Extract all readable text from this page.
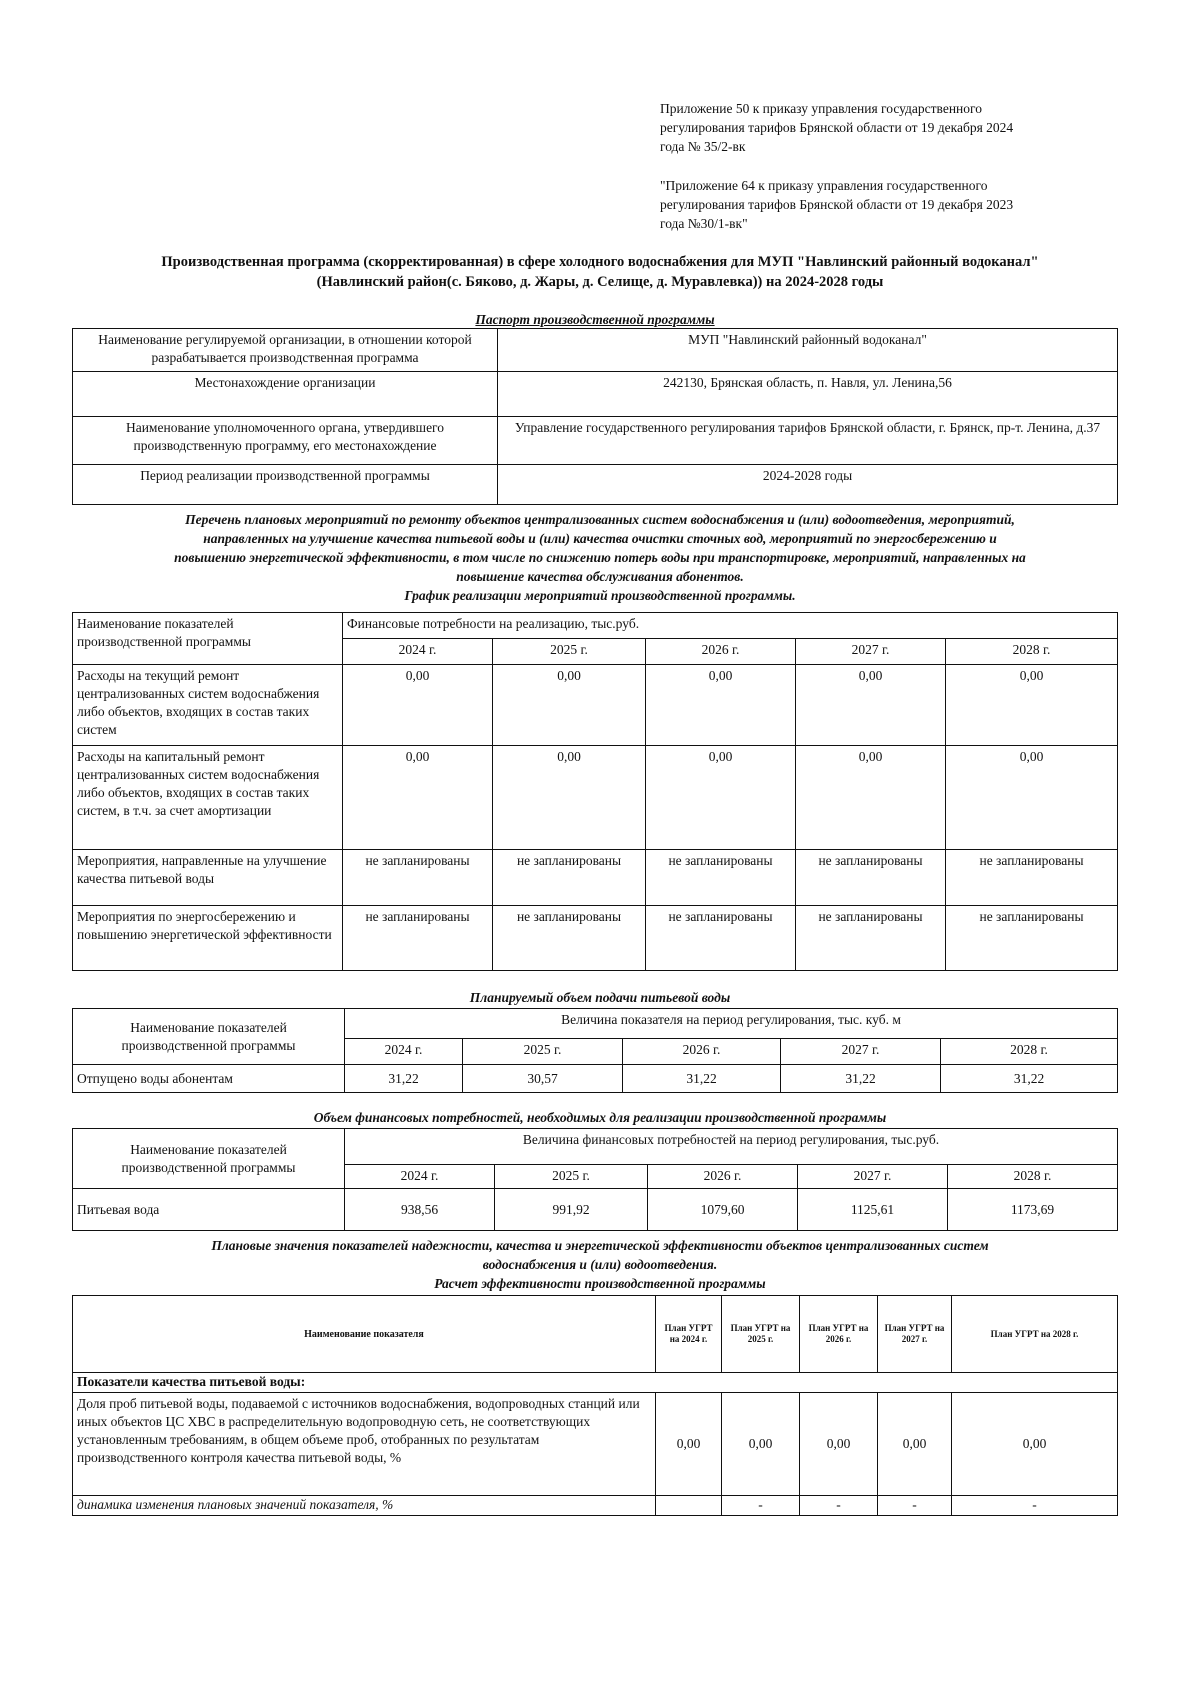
Приложение 50 к приказу управления государственного
регулирования тарифов Брянской области от 19 декабря 2024
года № 35/2-вк
"Приложение 64 к приказу управления государственного
регулирования тарифов Брянской области от 19 декабря 2023
года №30/1-вк"
Производственная программа (скорректированная) в сфере холодного водоснабжения для МУП "Навлинский районный водоканал"
(Навлинский район(с. Бяково, д. Жары, д. Селище, д. Муравлевка)) на 2024-2028 годы
Паспорт производственной программы
Наименование регулируемой организации, в отношении которой разрабатывается производственная программа	МУП "Навлинский районный водоканал"
Местонахождение организации	242130, Брянская область, п. Навля, ул. Ленина,56
Наименование уполномоченного органа, утвердившего производственную программу, его местонахождение	Управление государственного регулирования тарифов Брянской области, г. Брянск, пр-т. Ленина, д.37
Период реализации производственной программы	2024-2028 годы
Перечень плановых мероприятий по ремонту объектов централизованных систем водоснабжения и (или) водоотведения, мероприятий,
направленных на улучшение качества питьевой воды и (или) качества очистки сточных вод, мероприятий по энергосбережению и
повышению энергетической эффективности, в том числе по снижению потерь воды при транспортировке, мероприятий, направленных на
повышение качества обслуживания абонентов.
График реализации мероприятий производственной программы.
Наименование показателей производственной программы	Финансовые потребности на реализацию, тыс.руб.				
	2024 г.	2025 г.	2026 г.	2027 г.	2028 г.
Расходы на текущий ремонт централизованных систем водоснабжения либо объектов, входящих в состав таких систем	0,00	0,00	0,00	0,00	0,00
Расходы на капитальный ремонт централизованных систем водоснабжения либо объектов, входящих в состав таких систем, в т.ч. за счет амортизации	0,00	0,00	0,00	0,00	0,00
Мероприятия, направленные на улучшение качества питьевой воды	не запланированы	не запланированы	не запланированы	не запланированы	не запланированы
Мероприятия по энергосбережению и повышению энергетической эффективности	не запланированы	не запланированы	не запланированы	не запланированы	не запланированы
Планируемый объем подачи питьевой воды
Наименование показателей производственной программы	Величина показателя на период регулирования, тыс. куб. м				
	2024 г.	2025 г.	2026 г.	2027 г.	2028 г.
Отпущено воды абонентам	31,22	30,57	31,22	31,22	31,22
Объем финансовых потребностей, необходимых для реализации производственной программы
Наименование показателей производственной программы	Величина финансовых потребностей на период регулирования, тыс.руб.				
	2024 г.	2025 г.	2026 г.	2027 г.	2028 г.
Питьевая вода	938,56	991,92	1079,60	1125,61	1173,69
Плановые значения показателей надежности, качества и энергетической эффективности объектов централизованных систем
водоснабжения и (или) водоотведения.
Расчет эффективности производственной программы
Наименование показателя	План УГРТ на 2024 г.	План УГРТ на 2025 г.	План УГРТ на 2026 г.	План УГРТ на 2027 г.	План УГРТ на 2028 г.
Показатели качества питьевой воды:					
Доля проб питьевой воды, подаваемой с источников водоснабжения, водопроводных станций или иных объектов ЦС ХВС в распределительную водопроводную сеть, не соответствующих установленным требованиям, в общем объеме проб, отобранных по результатам производственного контроля качества питьевой воды, %	0,00	0,00	0,00	0,00	0,00
динамика изменения плановых значений показателя, %		-	-	-	-
